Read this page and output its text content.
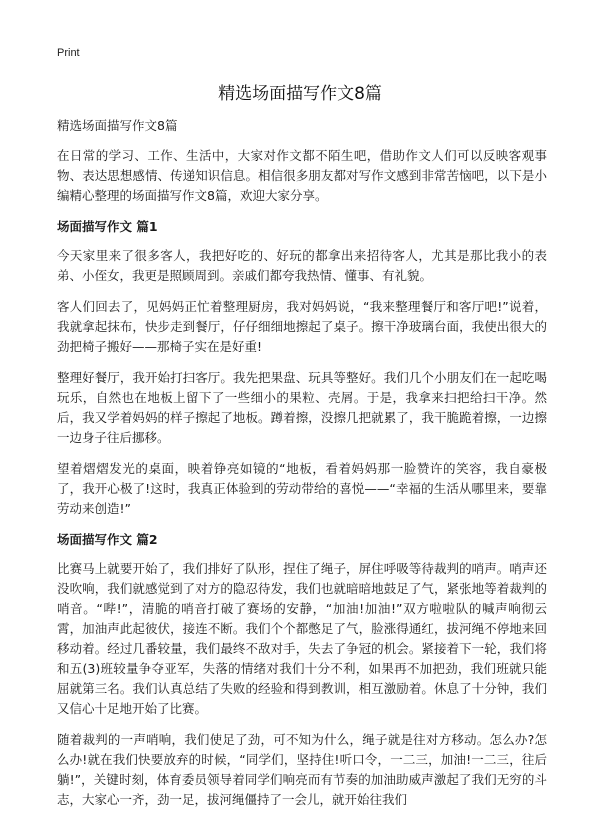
Print
精选场面描写作文8篇

精选场面描写作文8篇

在日常的学习、工作、生活中，大家对作文都不陌生吧，借助作文人们可以反映客观事物、表达思想感情、传递知识信息。相信很多朋友都对写作文感到非常苦恼吧，以下是小编精心整理的场面描写作文8篇，欢迎大家分享。

场面描写作文 篇1

今天家里来了很多客人，我把好吃的、好玩的都拿出来招待客人，尤其是那比我小的表弟、小侄女，我更是照顾周到。亲戚们都夸我热情、懂事、有礼貌。

客人们回去了，见妈妈正忙着整理厨房，我对妈妈说，“我来整理餐厅和客厅吧!”说着，我就拿起抹布，快步走到餐厅，仔仔细细地擦起了桌子。擦干净玻璃台面，我使出很大的劲把椅子搬好——那椅子实在是好重!

整理好餐厅，我开始打扫客厅。我先把果盘、玩具等整好。我们几个小朋友们在一起吃喝玩乐，自然也在地板上留下了一些细小的果粒、壳屑。于是，我拿来扫把给扫干净。然后，我又学着妈妈的样子擦起了地板。蹲着擦，没擦几把就累了，我干脆跪着擦，一边擦一边身子往后挪移。

望着熠熠发光的桌面，映着铮亮如镜的“地板，看着妈妈那一脸赞许的笑容，我自豪极了，我开心极了!这时，我真正体验到的劳动带给的喜悦——“幸福的生活从哪里来，要靠劳动来创造!”

场面描写作文 篇2

比赛马上就要开始了，我们排好了队形，捏住了绳子，屏住呼吸等待裁判的哨声。哨声还没吹响，我们就感觉到了对方的隐忍待发，我们也就暗暗地鼓足了气，紧张地等着裁判的哨音。“哔!”，清脆的哨音打破了赛场的安静，“加油!加油!”双方啦啦队的喊声响彻云霄，加油声此起彼伏，接连不断。我们个个都憋足了气，脸涨得通红，拔河绳不停地来回移动着。经过几番较量，我们最终不敌对手，失去了争冠的机会。紧接着下一轮，我们将和五(3)班较量争夺亚军，失落的情绪对我们十分不利，如果再不加把劲，我们班就只能屈就第三名。我们认真总结了失败的经验和得到教训，相互激励着。休息了十分钟，我们又信心十足地开始了比赛。

随着裁判的一声哨响，我们使足了劲，可不知为什么，绳子就是往对方移动。怎么办?怎么办!就在我们快要放弃的时候，“同学们，坚持住!听口令，一二三，加油!一二三，往后躺!”，关键时刻，体育委员领导着同学们响亮而有节奏的加油助威声激起了我们无穷的斗志，大家心一齐，劲一足，拔河绳僵持了一会儿，就开始往我们
